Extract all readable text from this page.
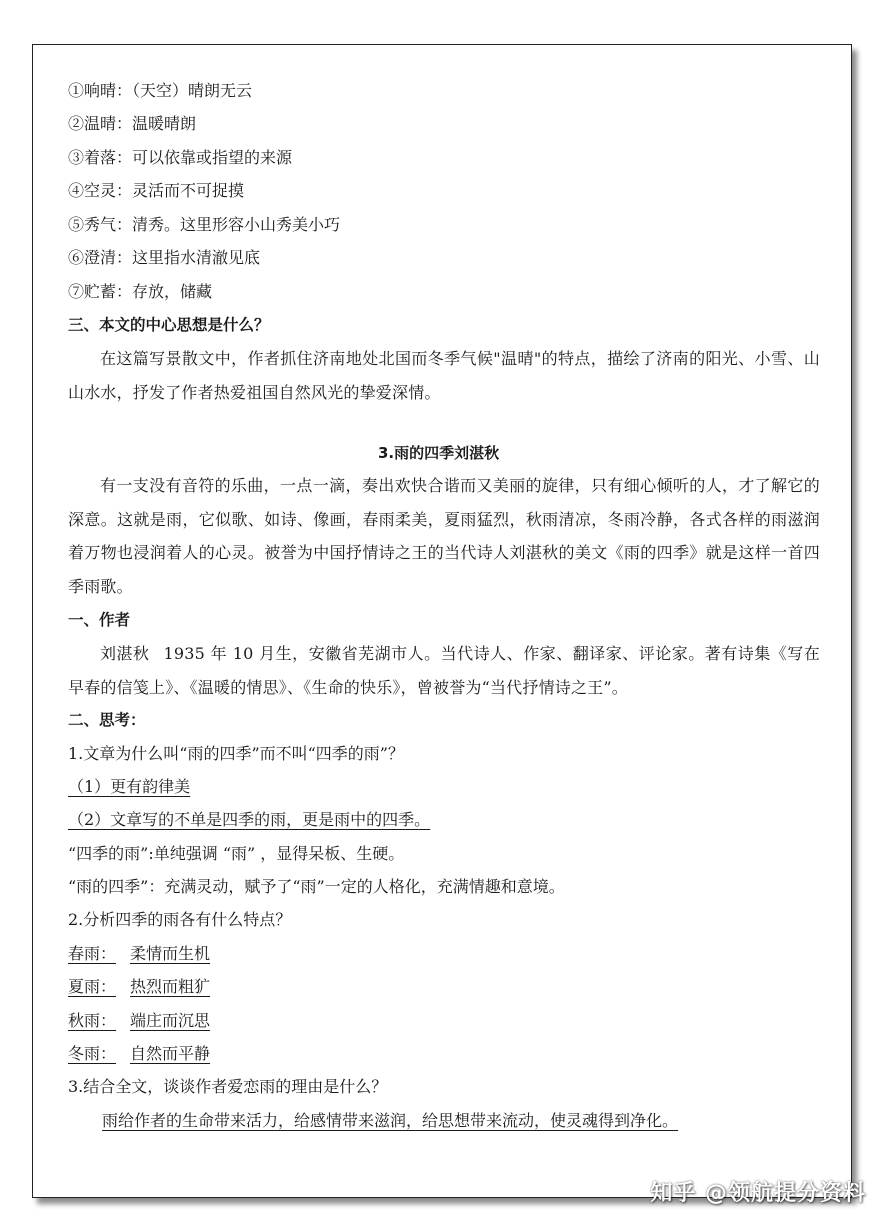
①响晴：（天空）晴朗无云
②温晴：温暖晴朗
③着落：可以依靠或指望的来源
④空灵：灵活而不可捉摸
⑤秀气：清秀。这里形容小山秀美小巧
⑥澄清：这里指水清澈见底
⑦贮蓄：存放，储藏
三、本文的中心思想是什么？
在这篇写景散文中，作者抓住济南地处北国而冬季气候"温晴"的特点，描绘了济南的阳光、小雪、山山水水，抒发了作者热爱祖国自然风光的挚爱深情。
3.雨的四季刘湛秋
有一支没有音符的乐曲，一点一滴，奏出欢快合谐而又美丽的旋律，只有细心倾听的人，才了解它的深意。这就是雨，它似歌、如诗、像画，春雨柔美，夏雨猛烈，秋雨清凉，冬雨冷静，各式各样的雨滋润着万物也浸润着人的心灵。被誉为中国抒情诗之王的当代诗人刘湛秋的美文《雨的四季》就是这样一首四季雨歌。
一、作者
刘湛秋 1935 年 10 月生，安徽省芜湖市人。当代诗人、作家、翻译家、评论家。著有诗集《写在早春的信笺上》、《温暖的情思》、《生命的快乐》，曾被誉为“当代抒情诗之王”。
二、思考：
1.文章为什么叫“雨的四季”而不叫“四季的雨”？
（1）更有韵律美
（2）文章写的不单是四季的雨，更是雨中的四季。
“四季的雨”:单纯强调 “雨” ，显得呆板、生硬。
“雨的四季”：充满灵动，赋予了“雨”一定的人格化，充满情趣和意境。
2.分析四季的雨各有什么特点？
春雨： 柔情而生机
夏雨： 热烈而粗犷
秋雨： 端庄而沉思
冬雨： 自然而平静
3.结合全文，谈谈作者爱恋雨的理由是什么？
雨给作者的生命带来活力，给感情带来滋润，给思想带来流动，使灵魂得到净化。
知乎 @领航提分资料
